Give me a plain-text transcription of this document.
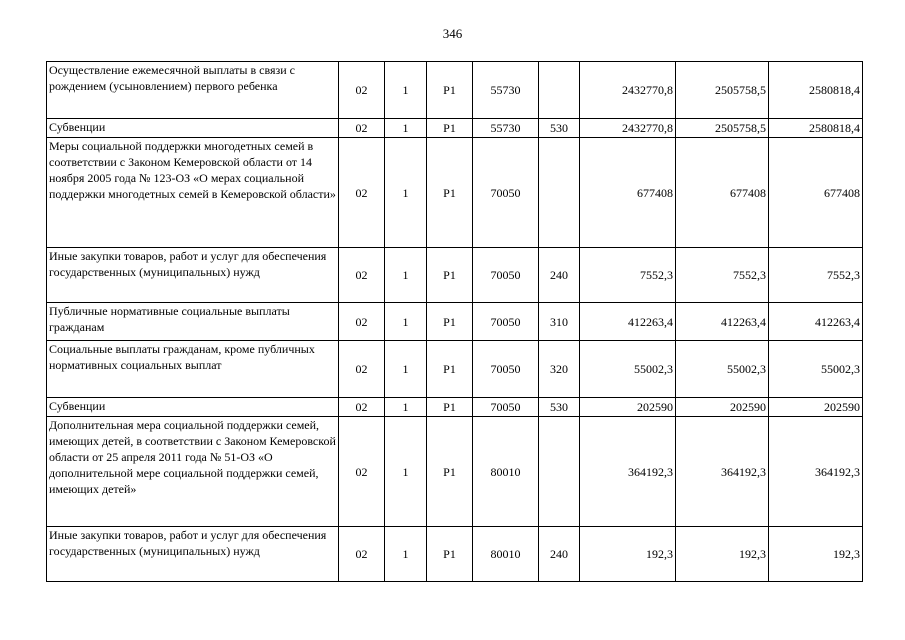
346
Осуществление ежемесячной выплаты в связи с рождением (усыновлением) первого ребенка	02	1	P1	55730		2432770,8	2505758,5	2580818,4
Субвенции	02	1	P1	55730	530	2432770,8	2505758,5	2580818,4
Меры социальной поддержки многодетных семей в соответствии с Законом Кемеровской области от 14 ноября 2005 года № 123-ОЗ «О мерах социальной поддержки многодетных семей в Кемеровской области»	02	1	P1	70050		677408	677408	677408
Иные закупки товаров, работ и услуг для обеспечения государственных (муниципальных) нужд	02	1	P1	70050	240	7552,3	7552,3	7552,3
Публичные нормативные социальные выплаты гражданам	02	1	P1	70050	310	412263,4	412263,4	412263,4
Социальные выплаты гражданам, кроме публичных нормативных социальных выплат	02	1	P1	70050	320	55002,3	55002,3	55002,3
Субвенции	02	1	P1	70050	530	202590	202590	202590
Дополнительная мера социальной поддержки семей, имеющих детей, в соответствии с Законом Кемеровской области от 25 апреля 2011 года № 51-ОЗ «О дополнительной мере социальной поддержки семей, имеющих детей»	02	1	P1	80010		364192,3	364192,3	364192,3
Иные закупки товаров, работ и услуг для обеспечения государственных (муниципальных) нужд	02	1	P1	80010	240	192,3	192,3	192,3
